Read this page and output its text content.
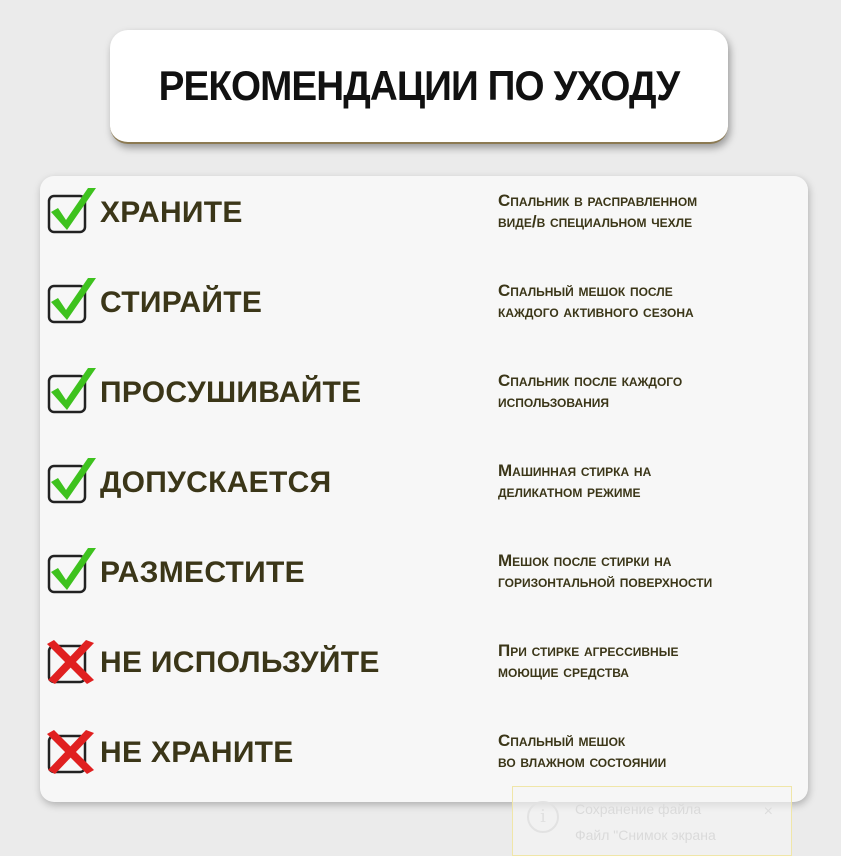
РЕКОМЕНДАЦИИ ПО УХОДУ
ХРАНИТЕ	Спальник в расправленном
виде/в специальном чехле
СТИРАЙТЕ	Спальный мешок после
каждого активного сезона
ПРОСУШИВАЙТЕ	Спальник после каждого
использования
ДОПУСКАЕТСЯ	Машинная стирка на
деликатном режиме
РАЗМЕСТИТЕ	Мешок после стирки на
горизонтальной поверхности
НЕ ИСПОЛЬЗУЙТЕ	При стирке агрессивные
моющие средства
НЕ ХРАНИТЕ	Спальный мешок
во влажном состоянии
i	Сохранение файла
Файл "Снимок экрана
×
